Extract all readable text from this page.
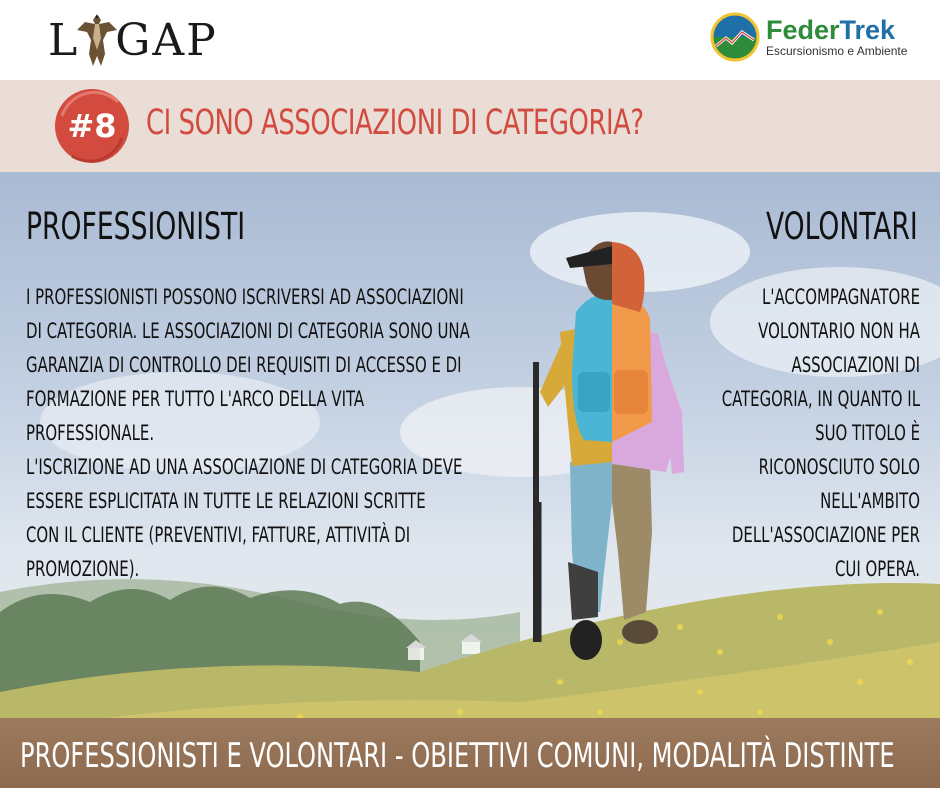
L GAP	FederTrek
Escursionismo e Ambiente
#8 CI SONO ASSOCIAZIONI DI CATEGORIA?
PROFESSIONISTI	VOLONTARI

I PROFESSIONISTI POSSONO ISCRIVERSI AD ASSOCIAZIONI

DI CATEGORIA. LE ASSOCIAZIONI DI CATEGORIA SONO UNA

GARANZIA DI CONTROLLO DEI REQUISITI DI ACCESSO E DI

FORMAZIONE PER TUTTO L'ARCO DELLA VITA

PROFESSIONALE.

L'ISCRIZIONE AD UNA ASSOCIAZIONE DI CATEGORIA DEVE

ESSERE ESPLICITATA IN TUTTE LE RELAZIONI SCRITTE

CON IL CLIENTE (PREVENTIVI, FATTURE, ATTIVITÀ DI

PROMOZIONE).

L'ACCOMPAGNATORE

VOLONTARIO NON HA

ASSOCIAZIONI DI

CATEGORIA, IN QUANTO IL

SUO TITOLO È

RICONOSCIUTO SOLO

NELL'AMBITO

DELL'ASSOCIAZIONE PER

CUI OPERA.

PROFESSIONISTI E VOLONTARI - OBIETTIVI COMUNI, MODALITÀ DISTINTE
